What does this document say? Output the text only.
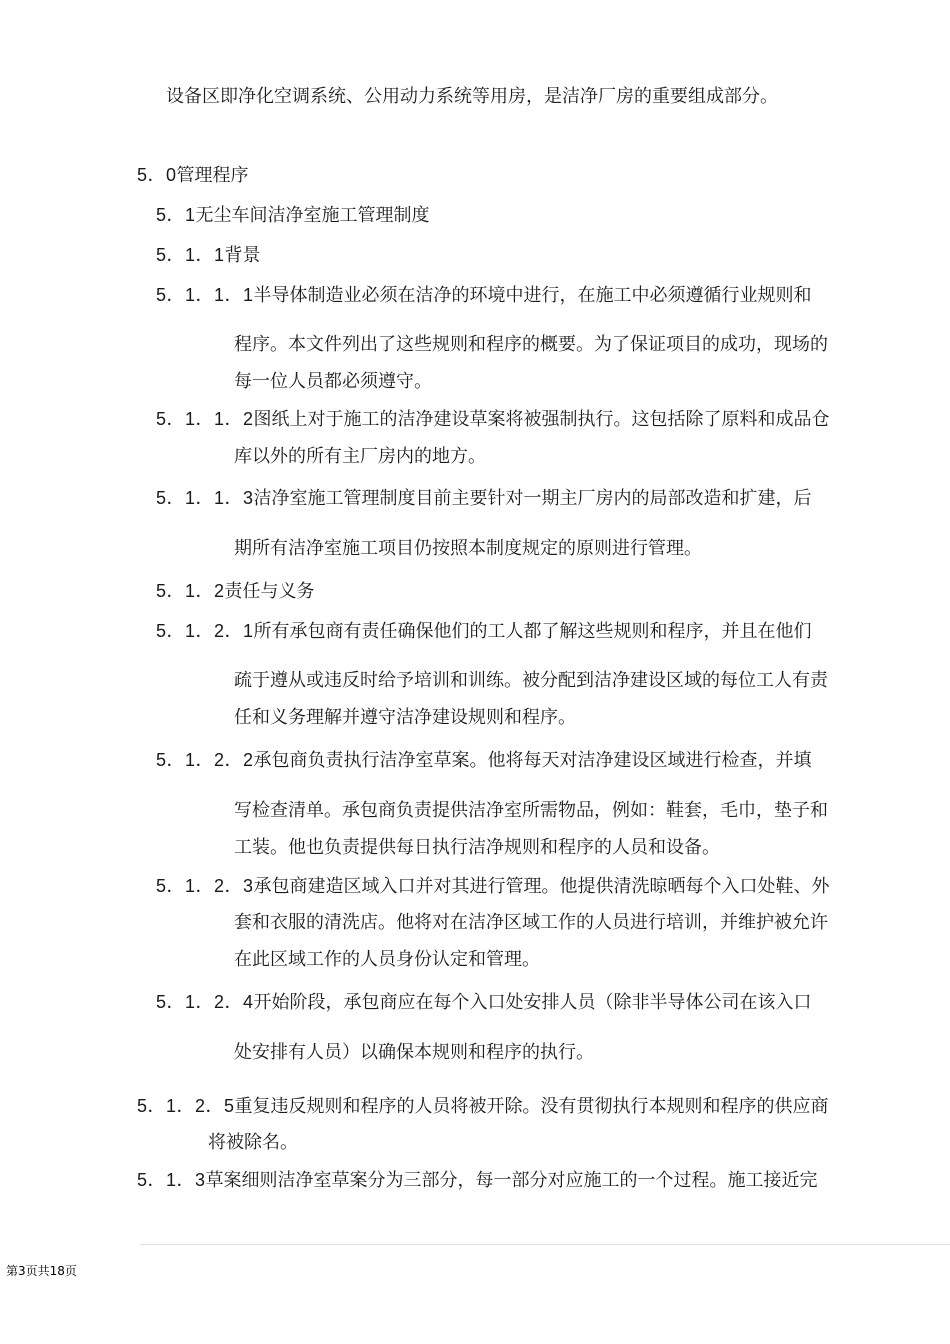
设备区即净化空调系统、公用动力系统等用房，是洁净厂房的重要组成部分。
5．0管理程序
5．1无尘车间洁净室施工管理制度
5．1．1背景
5．1．1．1半导体制造业必须在洁净的环境中进行，在施工中必须遵循行业规则和
程序。本文件列出了这些规则和程序的概要。为了保证项目的成功，现场的
每一位人员都必须遵守。
5．1．1．2图纸上对于施工的洁净建设草案将被强制执行。这包括除了原料和成品仓
库以外的所有主厂房内的地方。
5．1．1．3洁净室施工管理制度目前主要针对一期主厂房内的局部改造和扩建，后
期所有洁净室施工项目仍按照本制度规定的原则进行管理。
5．1．2责任与义务
5．1．2．1所有承包商有责任确保他们的工人都了解这些规则和程序，并且在他们
疏于遵从或违反时给予培训和训练。被分配到洁净建设区域的每位工人有责
任和义务理解并遵守洁净建设规则和程序。
5．1．2．2承包商负责执行洁净室草案。他将每天对洁净建设区域进行检查，并填
写检查清单。承包商负责提供洁净室所需物品，例如：鞋套，毛巾，垫子和
工装。他也负责提供每日执行洁净规则和程序的人员和设备。
5．1．2．3承包商建造区域入口并对其进行管理。他提供清洗晾晒每个入口处鞋、外
套和衣服的清洗店。他将对在洁净区域工作的人员进行培训，并维护被允许
在此区域工作的人员身份认定和管理。
5．1．2．4开始阶段，承包商应在每个入口处安排人员（除非半导体公司在该入口
处安排有人员）以确保本规则和程序的执行。
5．1．2．5重复违反规则和程序的人员将被开除。没有贯彻执行本规则和程序的供应商
将被除名。
5．1．3草案细则洁净室草案分为三部分，每一部分对应施工的一个过程。施工接近完
第3页共18页
